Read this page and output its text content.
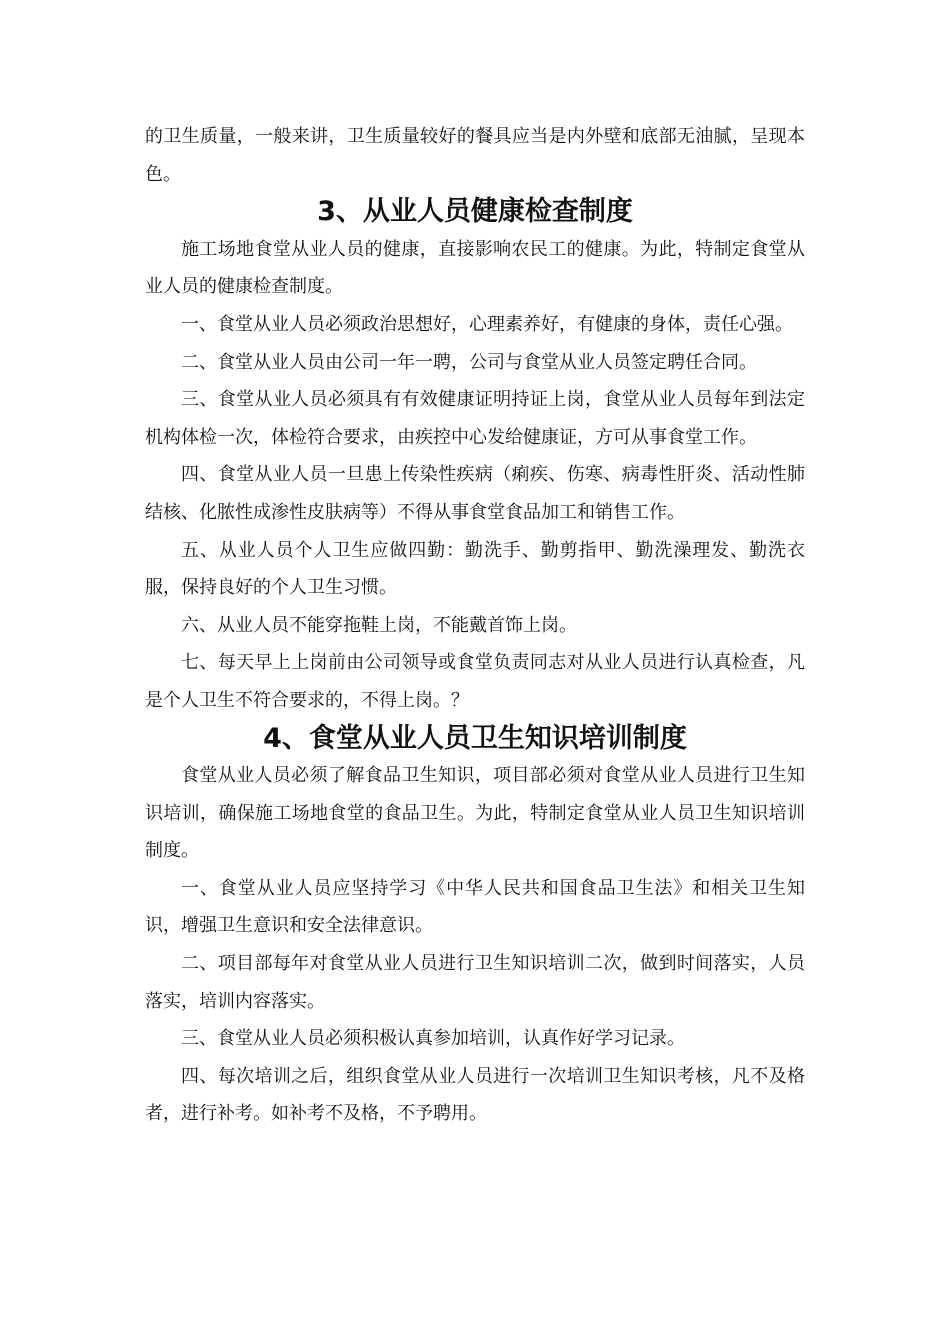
的卫生质量，一般来讲，卫生质量较好的餐具应当是内外壁和底部无油腻，呈现本色。

3、从业人员健康检查制度

施工场地食堂从业人员的健康，直接影响农民工的健康。为此，特制定食堂从业人员的健康检查制度。

一、食堂从业人员必须政治思想好，心理素养好，有健康的身体，责任心强。

二、食堂从业人员由公司一年一聘，公司与食堂从业人员签定聘任合同。

三、食堂从业人员必须具有有效健康证明持证上岗，食堂从业人员每年到法定机构体检一次，体检符合要求，由疾控中心发给健康证，方可从事食堂工作。

四、食堂从业人员一旦患上传染性疾病（痢疾、伤寒、病毒性肝炎、活动性肺结核、化脓性成渗性皮肤病等）不得从事食堂食品加工和销售工作。

五、从业人员个人卫生应做四勤：勤洗手、勤剪指甲、勤洗澡理发、勤洗衣服，保持良好的个人卫生习惯。

六、从业人员不能穿拖鞋上岗，不能戴首饰上岗。

七、每天早上上岗前由公司领导或食堂负责同志对从业人员进行认真检查，凡是个人卫生不符合要求的，不得上岗。？

4、食堂从业人员卫生知识培训制度

食堂从业人员必须了解食品卫生知识，项目部必须对食堂从业人员进行卫生知识培训，确保施工场地食堂的食品卫生。为此，特制定食堂从业人员卫生知识培训制度。

一、食堂从业人员应坚持学习《中华人民共和国食品卫生法》和相关卫生知识，增强卫生意识和安全法律意识。

二、项目部每年对食堂从业人员进行卫生知识培训二次，做到时间落实，人员落实，培训内容落实。

三、食堂从业人员必须积极认真参加培训，认真作好学习记录。

四、每次培训之后，组织食堂从业人员进行一次培训卫生知识考核，凡不及格者，进行补考。如补考不及格，不予聘用。
